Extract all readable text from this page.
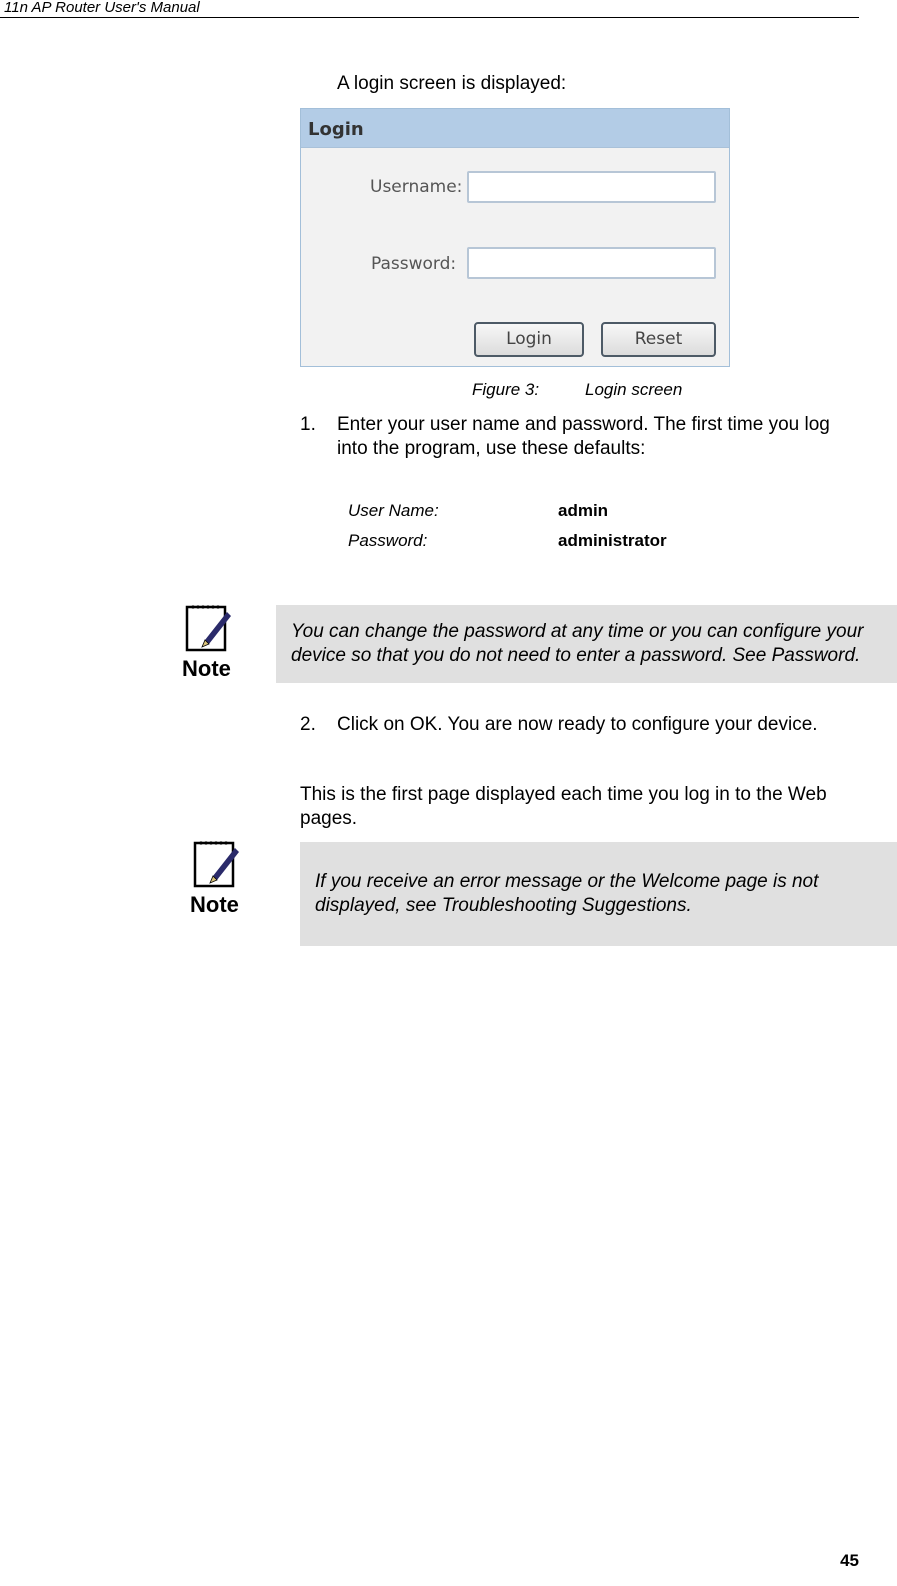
11n AP Router User's Manual
A login screen is displayed:
Login
Username:
Password:
Login	Reset
Figure 3:	Login screen
1. Enter your user name and password. The first time you log
into the program, use these defaults:
User Name:	admin
Password:	administrator
Note
You can change the password at any time or you can configure your
device so that you do not need to enter a password. See Password.
2. Click on OK. You are now ready to configure your device.
This is the first page displayed each time you log in to the Web
pages.
Note
If you receive an error message or the Welcome page is not
displayed, see Troubleshooting Suggestions.
45
